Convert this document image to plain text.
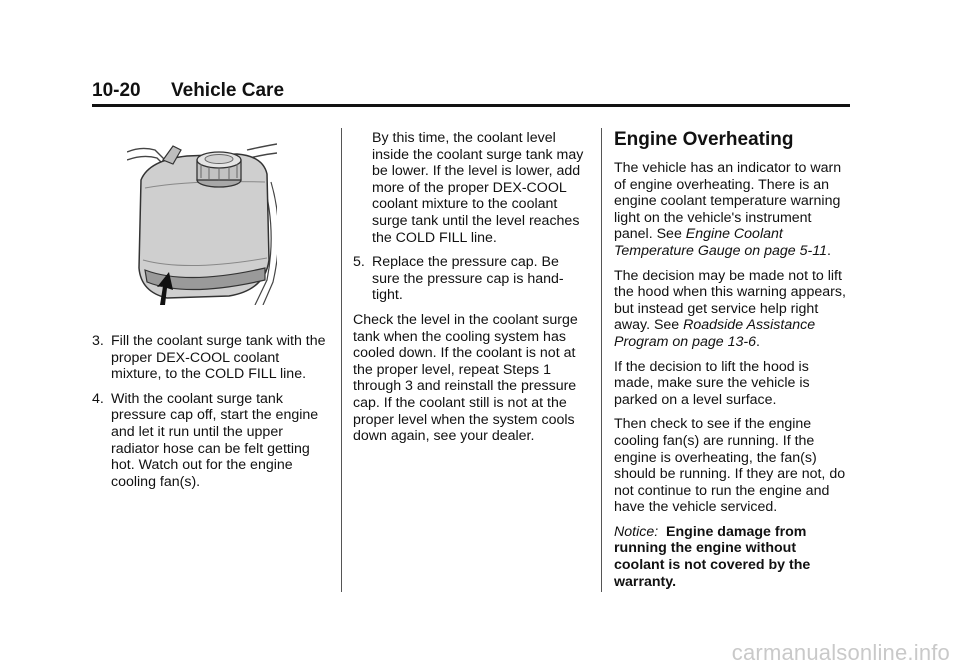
10-20 Vehicle Care
3. Fill the coolant surge tank with the proper DEX-COOL coolant mixture, to the COLD FILL line.
4. With the coolant surge tank pressure cap off, start the engine and let it run until the upper radiator hose can be felt getting hot. Watch out for the engine cooling fan(s).
By this time, the coolant level inside the coolant surge tank may be lower. If the level is lower, add more of the proper DEX-COOL coolant mixture to the coolant surge tank until the level reaches the COLD FILL line.
5. Replace the pressure cap. Be sure the pressure cap is hand-tight.

Check the level in the coolant surge tank when the cooling system has cooled down. If the coolant is not at the proper level, repeat Steps 1 through 3 and reinstall the pressure cap. If the coolant still is not at the proper level when the system cools down again, see your dealer.

Engine Overheating

The vehicle has an indicator to warn of engine overheating. There is an engine coolant temperature warning light on the vehicle's instrument panel. See Engine Coolant Temperature Gauge on page 5-11.

The decision may be made not to lift the hood when this warning appears, but instead get service help right away. See Roadside Assistance Program on page 13-6.

If the decision to lift the hood is made, make sure the vehicle is parked on a level surface.

Then check to see if the engine cooling fan(s) are running. If the engine is overheating, the fan(s) should be running. If they are not, do not continue to run the engine and have the vehicle serviced.

Notice: Engine damage from running the engine without coolant is not covered by the warranty.

carmanualsonline.info
